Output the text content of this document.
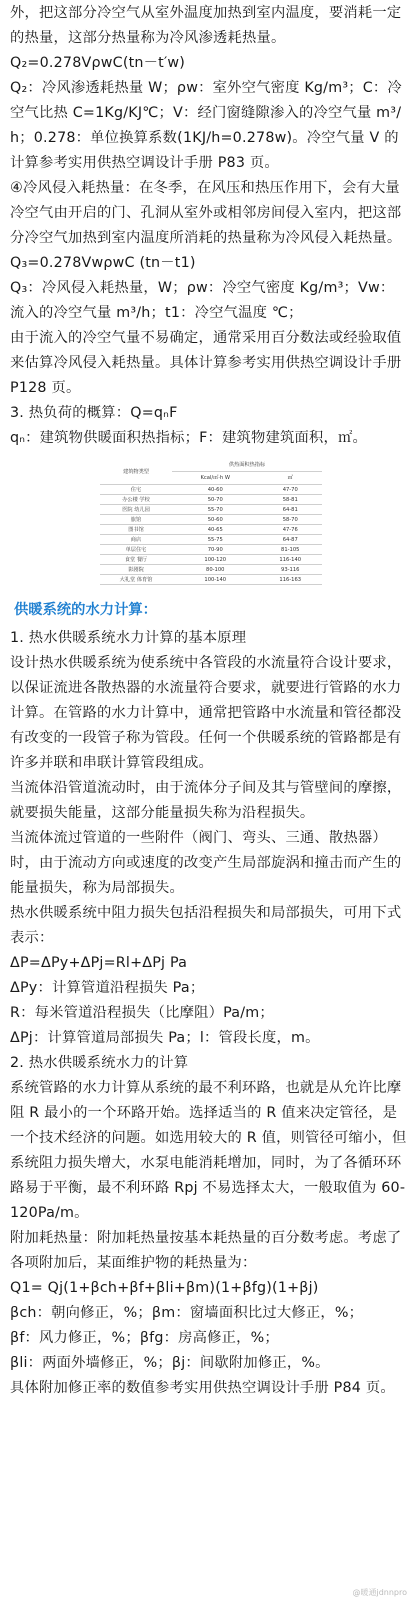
外，把这部分冷空气从室外温度加热到室内温度，要消耗一定的热量，这部分热量称为冷风渗透耗热量。

Q₂=0.278VρwC(tn－t′w)

Q₂：冷风渗透耗热量 W；ρw：室外空气密度 Kg/m³；C：冷空气比热 C=1Kg/KJ℃；V：经门窗缝隙渗入的冷空气量 m³/h；0.278：单位换算系数(1KJ/h=0.278w)。冷空气量 V 的计算参考实用供热空调设计手册 P83 页。

④冷风侵入耗热量：在冬季，在风压和热压作用下，会有大量冷空气由开启的门、孔洞从室外或相邻房间侵入室内，把这部分冷空气加热到室内温度所消耗的热量称为冷风侵入耗热量。

Q₃=0.278VwρwC (tn－t1)

Q₃：冷风侵入耗热量，W；ρw：冷空气密度 Kg/m³；Vw：流入的冷空气量 m³/h；t1：冷空气温度 ℃；

由于流入的冷空气量不易确定，通常采用百分数法或经验取值来估算冷风侵入耗热量。具体计算参考实用供热空调设计手册 P128 页。

3. 热负荷的概算：Q=qₙF

qₙ：建筑物供暖面积热指标；F：建筑物建筑面积，㎡。

建筑物类型	供热面积热指标	
	Kcal/㎡·h W	㎡
住宅	40-60	47-70
办公楼 学校	50-70	58-81
医院 幼儿园	55-70	64-81
旅馆	50-60	58-70
图书馆	40-65	47-76
商店	55-75	64-87
单层住宅	70-90	81-105
食堂 餐厅	100-120	116-140
影剧院	80-100	93-116
大礼堂 体育馆	100-140	116-163
供暖系统的水力计算：

1. 热水供暖系统水力计算的基本原理

设计热水供暖系统为使系统中各管段的水流量符合设计要求，以保证流进各散热器的水流量符合要求，就要进行管路的水力计算。在管路的水力计算中，通常把管路中水流量和管径都没有改变的一段管子称为管段。任何一个供暖系统的管路都是有许多并联和串联计算管段组成。

当流体沿管道流动时，由于流体分子间及其与管壁间的摩擦，就要损失能量，这部分能量损失称为沿程损失。

当流体流过管道的一些附件（阀门、弯头、三通、散热器）时，由于流动方向或速度的改变产生局部旋涡和撞击而产生的能量损失，称为局部损失。

热水供暖系统中阻力损失包括沿程损失和局部损失，可用下式表示：

ΔP=ΔPy+ΔPj=Rl+ΔPj Pa

ΔPy：计算管道沿程损失 Pa；

R：每米管道沿程损失（比摩阻）Pa/m；

ΔPj：计算管道局部损失 Pa；l：管段长度，m。

2. 热水供暖系统水力的计算

系统管路的水力计算从系统的最不利环路，也就是从允许比摩阻 R 最小的一个环路开始。选择适当的 R 值来决定管径，是一个技术经济的问题。如选用较大的 R 值，则管径可缩小，但系统阻力损失增大，水泵电能消耗增加，同时，为了各循环环路易于平衡，最不利环路 Rpj 不易选择太大，一般取值为 60-120Pa/m。

附加耗热量：附加耗热量按基本耗热量的百分数考虑。考虑了各项附加后，某面维护物的耗热量为：

Q1= Qj(1+βch+βf+βli+βm)(1+βfg)(1+βj)

βch：朝向修正，%；βm：窗墙面积比过大修正，%；

βf：风力修正，%；βfg：房高修正，%；

βli：两面外墙修正，%；βj：间歇附加修正，%。

具体附加修正率的数值参考实用供热空调设计手册 P84 页。

@暖通jdnnpro
